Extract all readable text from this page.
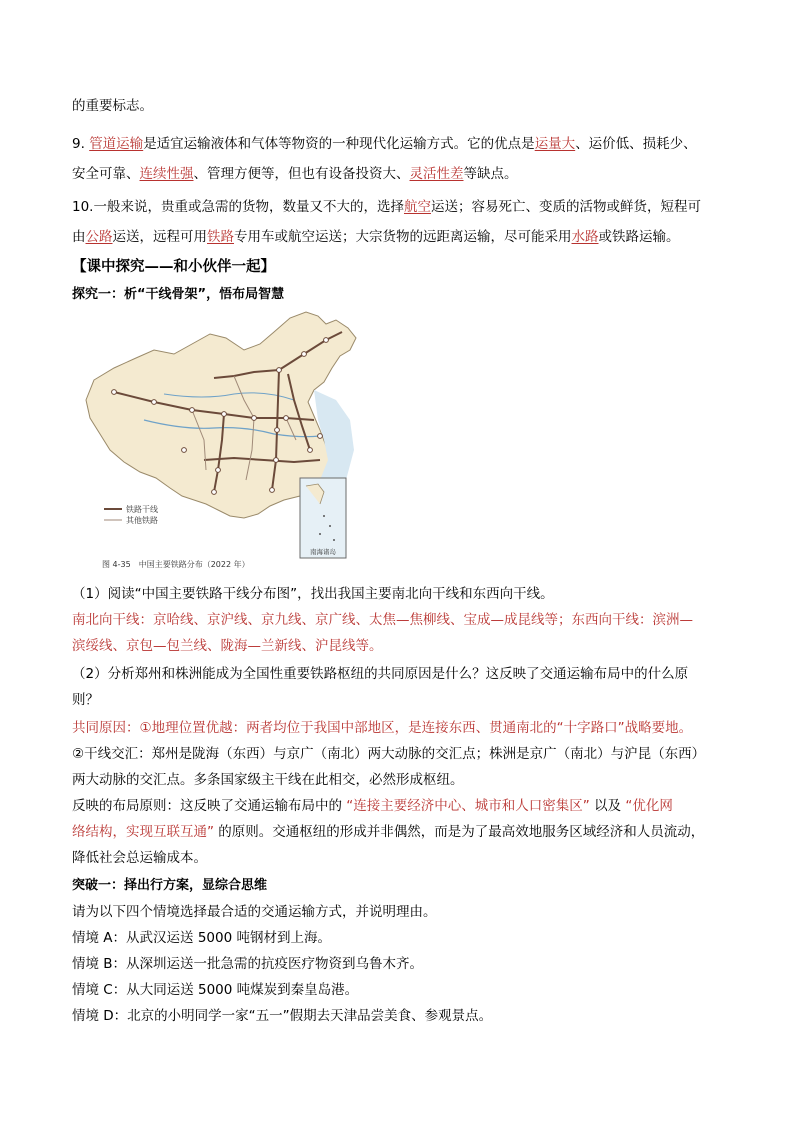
的重要标志。
9. 管道运输是适宜运输液体和气体等物资的一种现代化运输方式。它的优点是运量大、运价低、损耗少、
安全可靠、连续性强、管理方便等，但也有设备投资大、灵活性差等缺点。
10.一般来说，贵重或急需的货物，数量又不大的，选择航空运送；容易死亡、变质的活物或鲜货，短程可
由公路运送，远程可用铁路专用车或航空运送；大宗货物的远距离运输，尽可能采用水路或铁路运输。
【课中探究——和小伙伴一起】
探究一：析“干线骨架”，悟布局智慧
铁路干线
其他铁路
南海诸岛
图 4-35　中国主要铁路分布（2022 年）
（1）阅读“中国主要铁路干线分布图”，找出我国主要南北向干线和东西向干线。
南北向干线：京哈线、京沪线、京九线、京广线、太焦—焦柳线、宝成—成昆线等；东西向干线：滨洲—
滨绥线、京包—包兰线、陇海—兰新线、沪昆线等。
（2）分析郑州和株洲能成为全国性重要铁路枢纽的共同原因是什么？这反映了交通运输布局中的什么原
则？
共同原因：①地理位置优越：两者均位于我国中部地区，是连接东西、贯通南北的“十字路口”战略要地。
②干线交汇：郑州是陇海（东西）与京广（南北）两大动脉的交汇点；株洲是京广（南北）与沪昆（东西）
两大动脉的交汇点。多条国家级主干线在此相交，必然形成枢纽。
反映的布局原则：这反映了交通运输布局中的 “连接主要经济中心、城市和人口密集区” 以及 “优化网
络结构，实现互联互通” 的原则。交通枢纽的形成并非偶然，而是为了最高效地服务区域经济和人员流动，
降低社会总运输成本。
突破一：择出行方案，显综合思维
请为以下四个情境选择最合适的交通运输方式，并说明理由。
情境 A：从武汉运送 5000 吨钢材到上海。
情境 B：从深圳运送一批急需的抗疫医疗物资到乌鲁木齐。
情境 C：从大同运送 5000 吨煤炭到秦皇岛港。
情境 D：北京的小明同学一家“五一”假期去天津品尝美食、参观景点。
